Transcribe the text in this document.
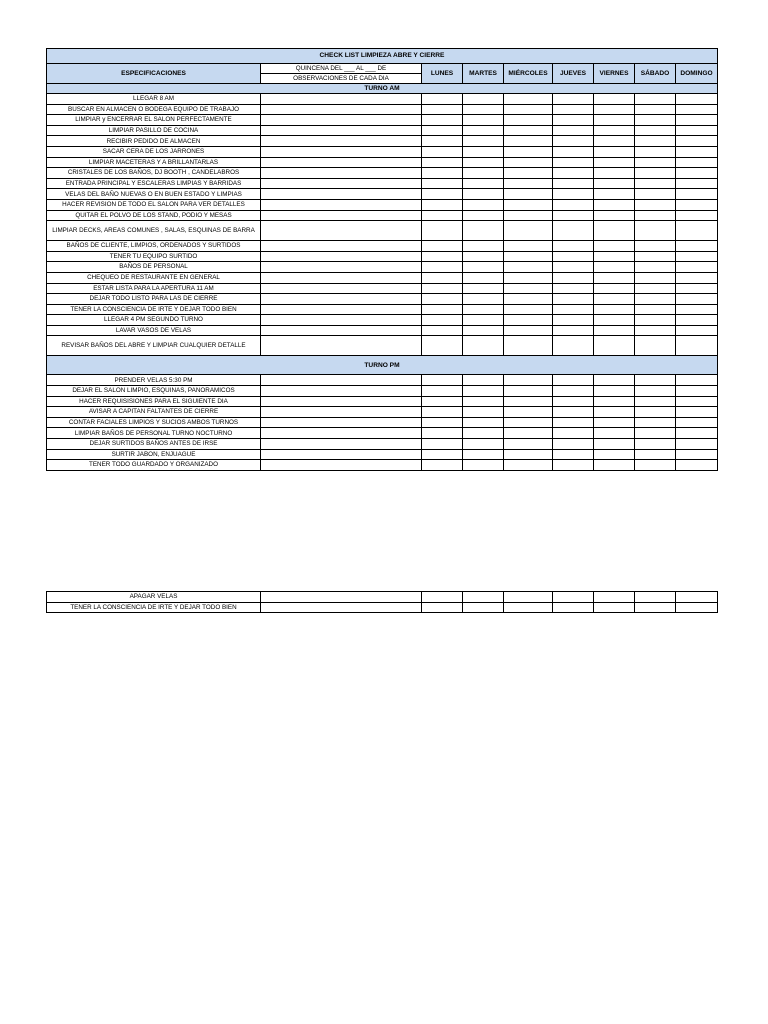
CHECK LIST LIMPIEZA ABRE Y CIERRE								
ESPECIFICACIONES	QUINCENA DEL ___ AL ___ DE	LUNES	MARTES	MIÉRCOLES	JUEVES	VIERNES	SÁBADO	DOMINGO
	OBSERVACIONES DE CADA DIA							
TURNO AM								
LLEGAR 8 AM								
BUSCAR EN ALMACEN O BODEGA EQUIPO DE TRABAJO								
LIMPIAR y ENCERRAR EL SALON PERFECTAMENTE								
LIMPIAR PASILLO DE COCINA								
RECIBIR PEDIDO DE ALMACEN								
SACAR CERA DE LOS JARRONES								
LIMPIAR MACETERAS Y A BRILLANTARLAS								
CRISTALES DE LOS BAÑOS, DJ BOOTH , CANDELABROS								
ENTRADA PRINCIPAL Y ESCALERAS LIMPIAS Y BARRIDAS								
VELAS DEL BAÑO NUEVAS O EN BUEN ESTADO Y LIMPIAS								
HACER REVISION DE TODO EL SALON PARA VER DETALLES								
QUITAR EL POLVO DE LOS STAND, PODIO Y MESAS								
LIMPIAR DECKS, AREAS COMUNES , SALAS, ESQUINAS DE BARRA								
BAÑOS DE CLIENTE, LIMPIOS, ORDENADOS Y SURTIDOS								
TENER TU EQUIPO SURTIDO								
BAÑOS DE PERSONAL								
CHEQUEO DE RESTAURANTE EN GENERAL								
ESTAR LISTA PARA LA APERTURA 11 AM								
DEJAR TODO LISTO PARA LAS DE CIERRE								
TENER LA CONSCIENCIA DE IRTE Y DEJAR TODO BIEN								
LLEGAR 4 PM SEGUNDO TURNO								
LAVAR VASOS DE VELAS								
REVISAR BAÑOS DEL ABRE Y LIMPIAR CUALQUIER DETALLE								
TURNO PM								
PRENDER VELAS 5:30 PM								
DEJAR EL SALON LIMPIO, ESQUINAS, PANORAMICOS								
HACER REQUISISIONES PARA EL SIGUIENTE DIA								
AVISAR A CAPITAN FALTANTES DE CIERRE								
CONTAR FACIALES LIMPIOS Y SUCIOS AMBOS TURNOS								
LIMPIAR BAÑOS DE PERSONAL TURNO NOCTURNO								
DEJAR SURTIDOS BAÑOS ANTES DE IRSE								
SURTIR JABON, ENJUAGUE								
TENER TODO GUARDADO Y ORGANIZADO								
APAGAR VELAS								
TENER LA CONSCIENCIA DE IRTE Y DEJAR TODO BIEN								
